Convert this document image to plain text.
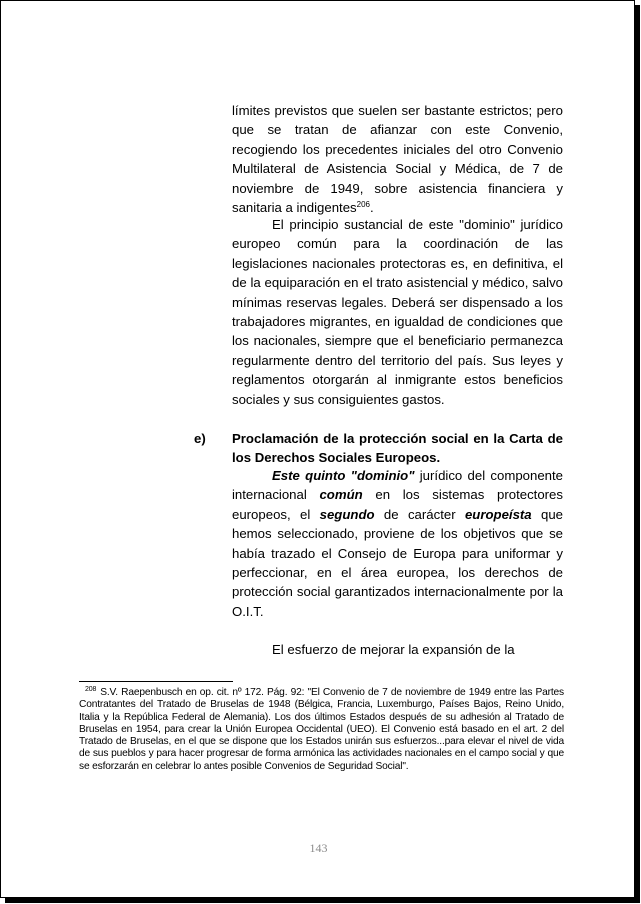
límites previstos que suelen ser bastante estrictos; pero que se tratan de afianzar con este Convenio, recogiendo los precedentes iniciales del otro Convenio Multilateral de Asistencia Social y Médica, de 7 de noviembre de 1949, sobre asistencia financiera y sanitaria a indigentes$^{206}$.

El principio sustancial de este "dominio" jurídico europeo común para la coordinación de las legislaciones nacionales protectoras es, en definitiva, el de la equiparación en el trato asistencial y médico, salvo mínimas reservas legales. Deberá ser dispensado a los trabajadores migrantes, en igualdad de condiciones que los nacionales, siempre que el beneficiario permanezca regularmente dentro del territorio del país. Sus leyes y reglamentos otorgarán al inmigrante estos beneficios sociales y sus consiguientes gastos.

e) Proclamación de la protección social en la Carta de los Derechos Sociales Europeos.

Este quinto "dominio" jurídico del componente internacional común en los sistemas protectores europeos, el segundo de carácter europeísta que hemos seleccionado, proviene de los objetivos que se había trazado el Consejo de Europa para uniformar y perfeccionar, en el área europea, los derechos de protección social garantizados internacionalmente por la O.I.T.

El esfuerzo de mejorar la expansión de la

$^{208}$ S.V. Raepenbusch en op. cit. nº 172. Pág. 92: "El Convenio de 7 de noviembre de 1949 entre las Partes Contratantes del Tratado de Bruselas de 1948 (Bélgica, Francia, Luxemburgo, Países Bajos, Reino Unido, Italia y la República Federal de Alemania). Los dos últimos Estados después de su adhesión al Tratado de Bruselas en 1954, para crear la Unión Europea Occidental (UEO). El Convenio está basado en el art. 2 del Tratado de Bruselas, en el que se dispone que los Estados unirán sus esfuerzos...para elevar el nivel de vida de sus pueblos y para hacer progresar de forma armónica las actividades nacionales en el campo social y que se esforzarán en celebrar lo antes posible Convenios de Seguridad Social".

143
